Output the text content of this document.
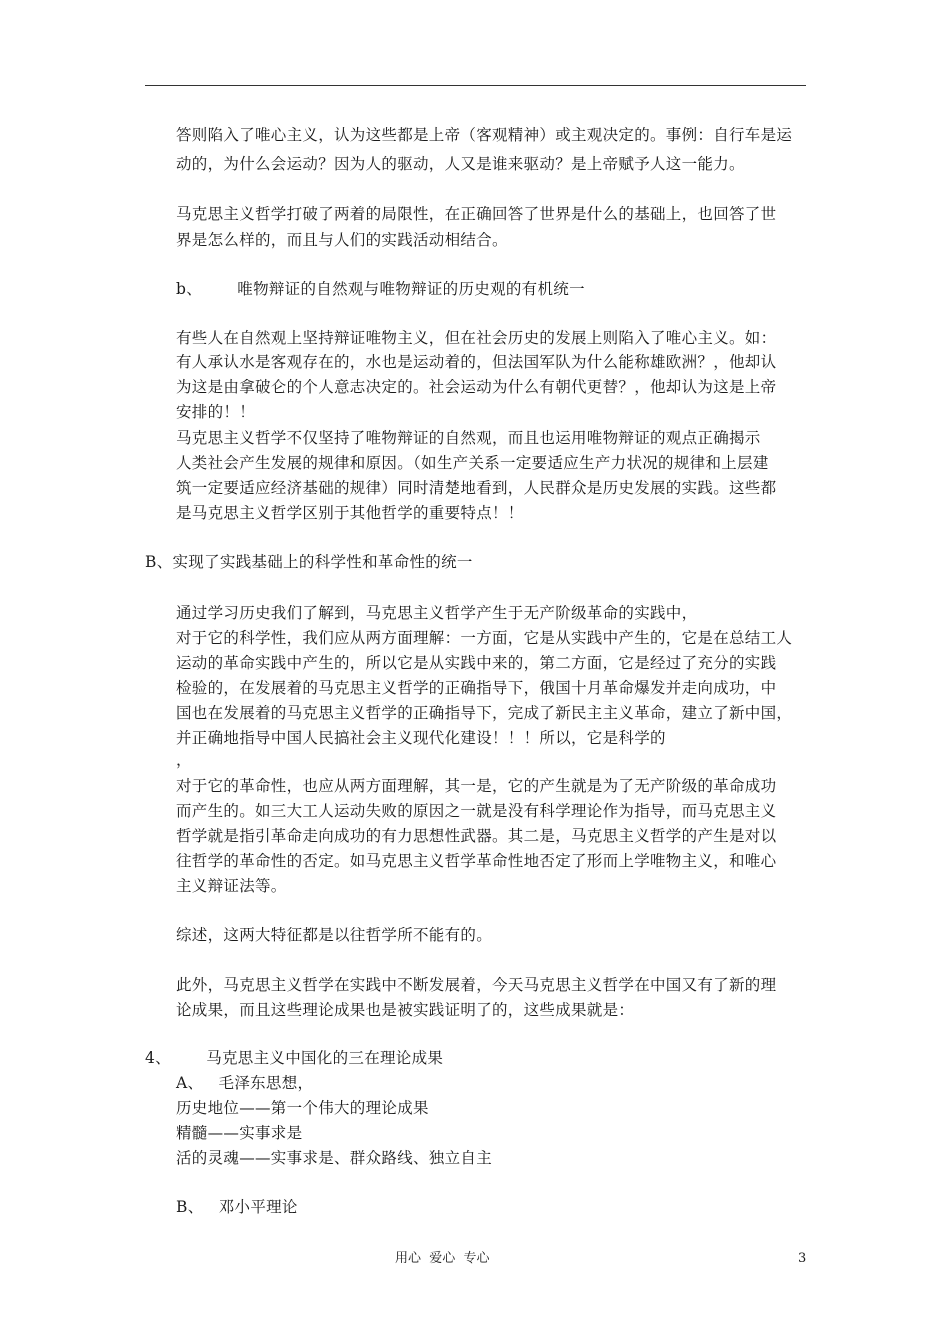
答则陷入了唯心主义，认为这些都是上帝（客观精神）或主观决定的。事例：自行车是运
动的，为什么会运动？因为人的驱动，人又是谁来驱动？是上帝赋予人这一能力。
马克思主义哲学打破了两着的局限性，在正确回答了世界是什么的基础上，也回答了世
界是怎么样的，而且与人们的实践活动相结合。
b、 唯物辩证的自然观与唯物辩证的历史观的有机统一
有些人在自然观上坚持辩证唯物主义，但在社会历史的发展上则陷入了唯心主义。如：
有人承认水是客观存在的，水也是运动着的，但法国军队为什么能称雄欧洲？，他却认
为这是由拿破仑的个人意志决定的。社会运动为什么有朝代更替？，他却认为这是上帝
安排的！！
马克思主义哲学不仅坚持了唯物辩证的自然观，而且也运用唯物辩证的观点正确揭示
人类社会产生发展的规律和原因。（如生产关系一定要适应生产力状况的规律和上层建
筑一定要适应经济基础的规律）同时清楚地看到，人民群众是历史发展的实践。这些都
是马克思主义哲学区别于其他哲学的重要特点！！
B、实现了实践基础上的科学性和革命性的统一
通过学习历史我们了解到，马克思主义哲学产生于无产阶级革命的实践中，
对于它的科学性，我们应从两方面理解：一方面，它是从实践中产生的，它是在总结工人
运动的革命实践中产生的，所以它是从实践中来的，第二方面，它是经过了充分的实践
检验的，在发展着的马克思主义哲学的正确指导下，俄国十月革命爆发并走向成功，中
国也在发展着的马克思主义哲学的正确指导下，完成了新民主主义革命，建立了新中国，
并正确地指导中国人民搞社会主义现代化建设！！！所以，它是科学的
，
对于它的革命性，也应从两方面理解，其一是，它的产生就是为了无产阶级的革命成功
而产生的。如三大工人运动失败的原因之一就是没有科学理论作为指导，而马克思主义
哲学就是指引革命走向成功的有力思想性武器。其二是，马克思主义哲学的产生是对以
往哲学的革命性的否定。如马克思主义哲学革命性地否定了形而上学唯物主义，和唯心
主义辩证法等。
综述，这两大特征都是以往哲学所不能有的。
此外，马克思主义哲学在实践中不断发展着，今天马克思主义哲学在中国又有了新的理
论成果，而且这些理论成果也是被实践证明了的，这些成果就是：
4、 马克思主义中国化的三在理论成果
A、 毛泽东思想，
历史地位——第一个伟大的理论成果
精髓——实事求是
活的灵魂——实事求是、群众路线、独立自主
B、 邓小平理论
用心  爱心  专心	3
